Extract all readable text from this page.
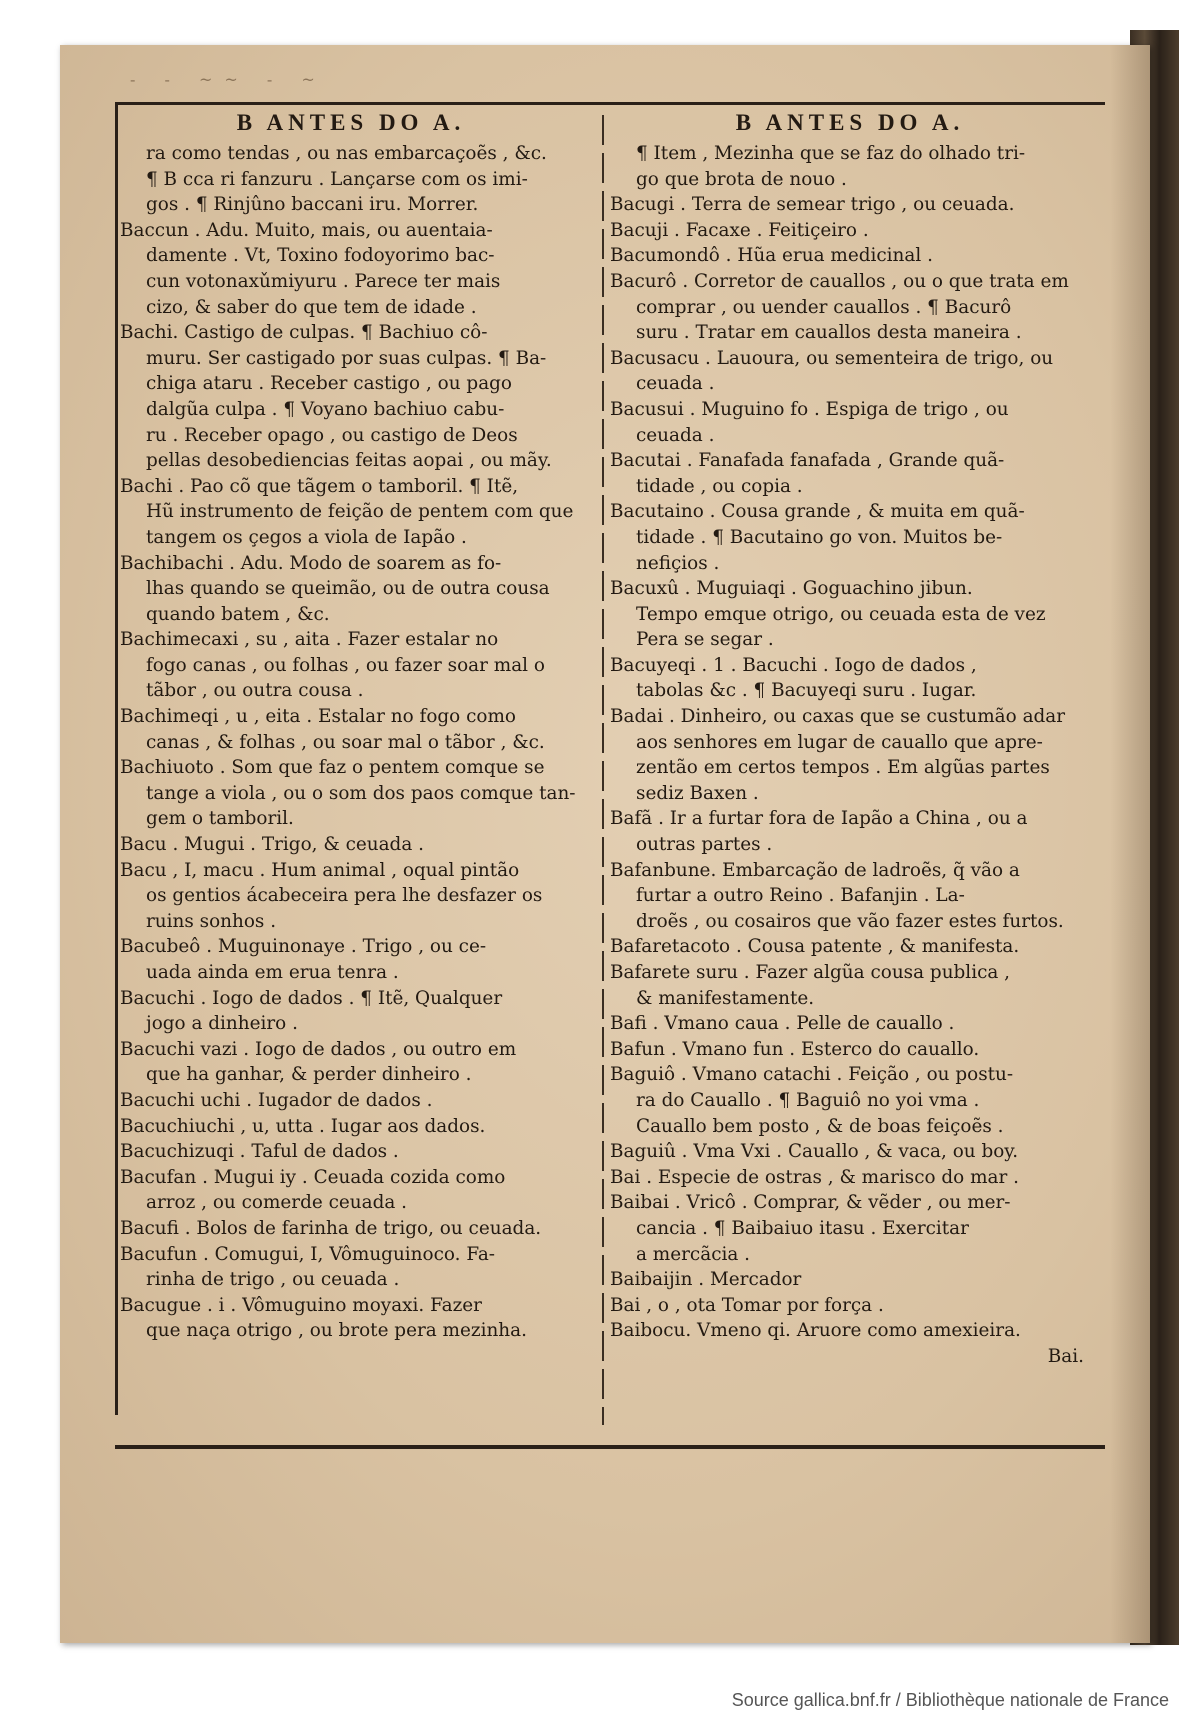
- - ~~ - ~
B ANTES DO A.
ra como tendas , ou nas embarcaçoẽs , &c.
¶ B cca ri fanzuru . Lançarse com os imi-
gos . ¶ Rinjûno baccani iru. Morrer.
Baccun . Adu. Muito, mais, ou auentaia-
damente . Vt, Toxino fodoyorimo bac-
cun votonaxǔmiyuru . Parece ter mais
cizo, & saber do que tem de idade .
Bachi. Castigo de culpas. ¶ Bachiuo cô-
muru. Ser castigado por suas culpas. ¶ Ba-
chiga ataru . Receber castigo , ou pago
dalgũa culpa . ¶ Voyano bachiuo cabu-
ru . Receber opago , ou castigo de Deos
pellas desobediencias feitas aopai , ou mãy.
Bachi . Pao cõ que tãgem o tamboril. ¶ Itẽ,
Hũ instrumento de feição de pentem com que
tangem os çegos a viola de Iapão .
Bachibachi . Adu. Modo de soarem as fo-
lhas quando se queimão, ou de outra cousa
quando batem , &c.
Bachimecaxi , su , aita . Fazer estalar no
fogo canas , ou folhas , ou fazer soar mal o
tãbor , ou outra cousa .
Bachimeqi , u , eita . Estalar no fogo como
canas , & folhas , ou soar mal o tãbor , &c.
Bachiuoto . Som que faz o pentem comque se
tange a viola , ou o som dos paos comque tan-
gem o tamboril.
Bacu . Mugui . Trigo, & ceuada .
Bacu , I, macu . Hum animal , oqual pintão
os gentios ácabeceira pera lhe desfazer os
ruins sonhos .
Bacubeô . Muguinonaye . Trigo , ou ce-
uada ainda em erua tenra .
Bacuchi . Iogo de dados . ¶ Itẽ, Qualquer
jogo a dinheiro .
Bacuchi vazi . Iogo de dados , ou outro em
que ha ganhar, & perder dinheiro .
Bacuchi uchi . Iugador de dados .
Bacuchiuchi , u, utta . Iugar aos dados.
Bacuchizuqi . Taful de dados .
Bacufan . Mugui iy . Ceuada cozida como
arroz , ou comerde ceuada .
Bacufi . Bolos de farinha de trigo, ou ceuada.
Bacufun . Comugui, I, Vômuguinoco. Fa-
rinha de trigo , ou ceuada .
Bacugue . i . Vômuguino moyaxi. Fazer
que naça otrigo , ou brote pera mezinha.
B ANTES DO A.
¶ Item , Mezinha que se faz do olhado tri-
go que brota de nouo .
Bacugi . Terra de semear trigo , ou ceuada.
Bacuji . Facaxe . Feitiçeiro .
Bacumondô . Hũa erua medicinal .
Bacurô . Corretor de cauallos , ou o que trata em
comprar , ou uender cauallos . ¶ Bacurô
suru . Tratar em cauallos desta maneira .
Bacusacu . Lauoura, ou sementeira de trigo, ou
ceuada .
Bacusui . Muguino fo . Espiga de trigo , ou
ceuada .
Bacutai . Fanafada fanafada , Grande quã-
tidade , ou copia .
Bacutaino . Cousa grande , & muita em quã-
tidade . ¶ Bacutaino go von. Muitos be-
nefiçios .
Bacuxû . Muguiaqi . Goguachino jibun.
Tempo emque otrigo, ou ceuada esta de vez
Pera se segar .
Bacuyeqi . 1 . Bacuchi . Iogo de dados ,
tabolas &c . ¶ Bacuyeqi suru . Iugar.
Badai . Dinheiro, ou caxas que se custumão adar
aos senhores em lugar de cauallo que apre-
zentão em certos tempos . Em algũas partes
sediz Baxen .
Bafã . Ir a furtar fora de Iapão a China , ou a
outras partes .
Bafanbune. Embarcação de ladroẽs, q̃ vão a
furtar a outro Reino . Bafanjin . La-
droẽs , ou cosairos que vão fazer estes furtos.
Bafaretacoto . Cousa patente , & manifesta.
Bafarete suru . Fazer algũa cousa publica ,
& manifestamente.
Bafi . Vmano caua . Pelle de cauallo .
Bafun . Vmano fun . Esterco do cauallo.
Baguiô . Vmano catachi . Feição , ou postu-
ra do Cauallo . ¶ Baguiô no yoi vma .
Cauallo bem posto , & de boas feiçoẽs .
Baguiû . Vma Vxi . Cauallo , & vaca, ou boy.
Bai . Especie de ostras , & marisco do mar .
Baibai . Vricô . Comprar, & vẽder , ou mer-
cancia . ¶ Baibaiuo itasu . Exercitar
a mercãcia .
Baibaijin . Mercador
Bai , o , ota Tomar por força .
Baibocu. Vmeno qi. Aruore como amexieira.
Bai.
Source gallica.bnf.fr / Bibliothèque nationale de France
